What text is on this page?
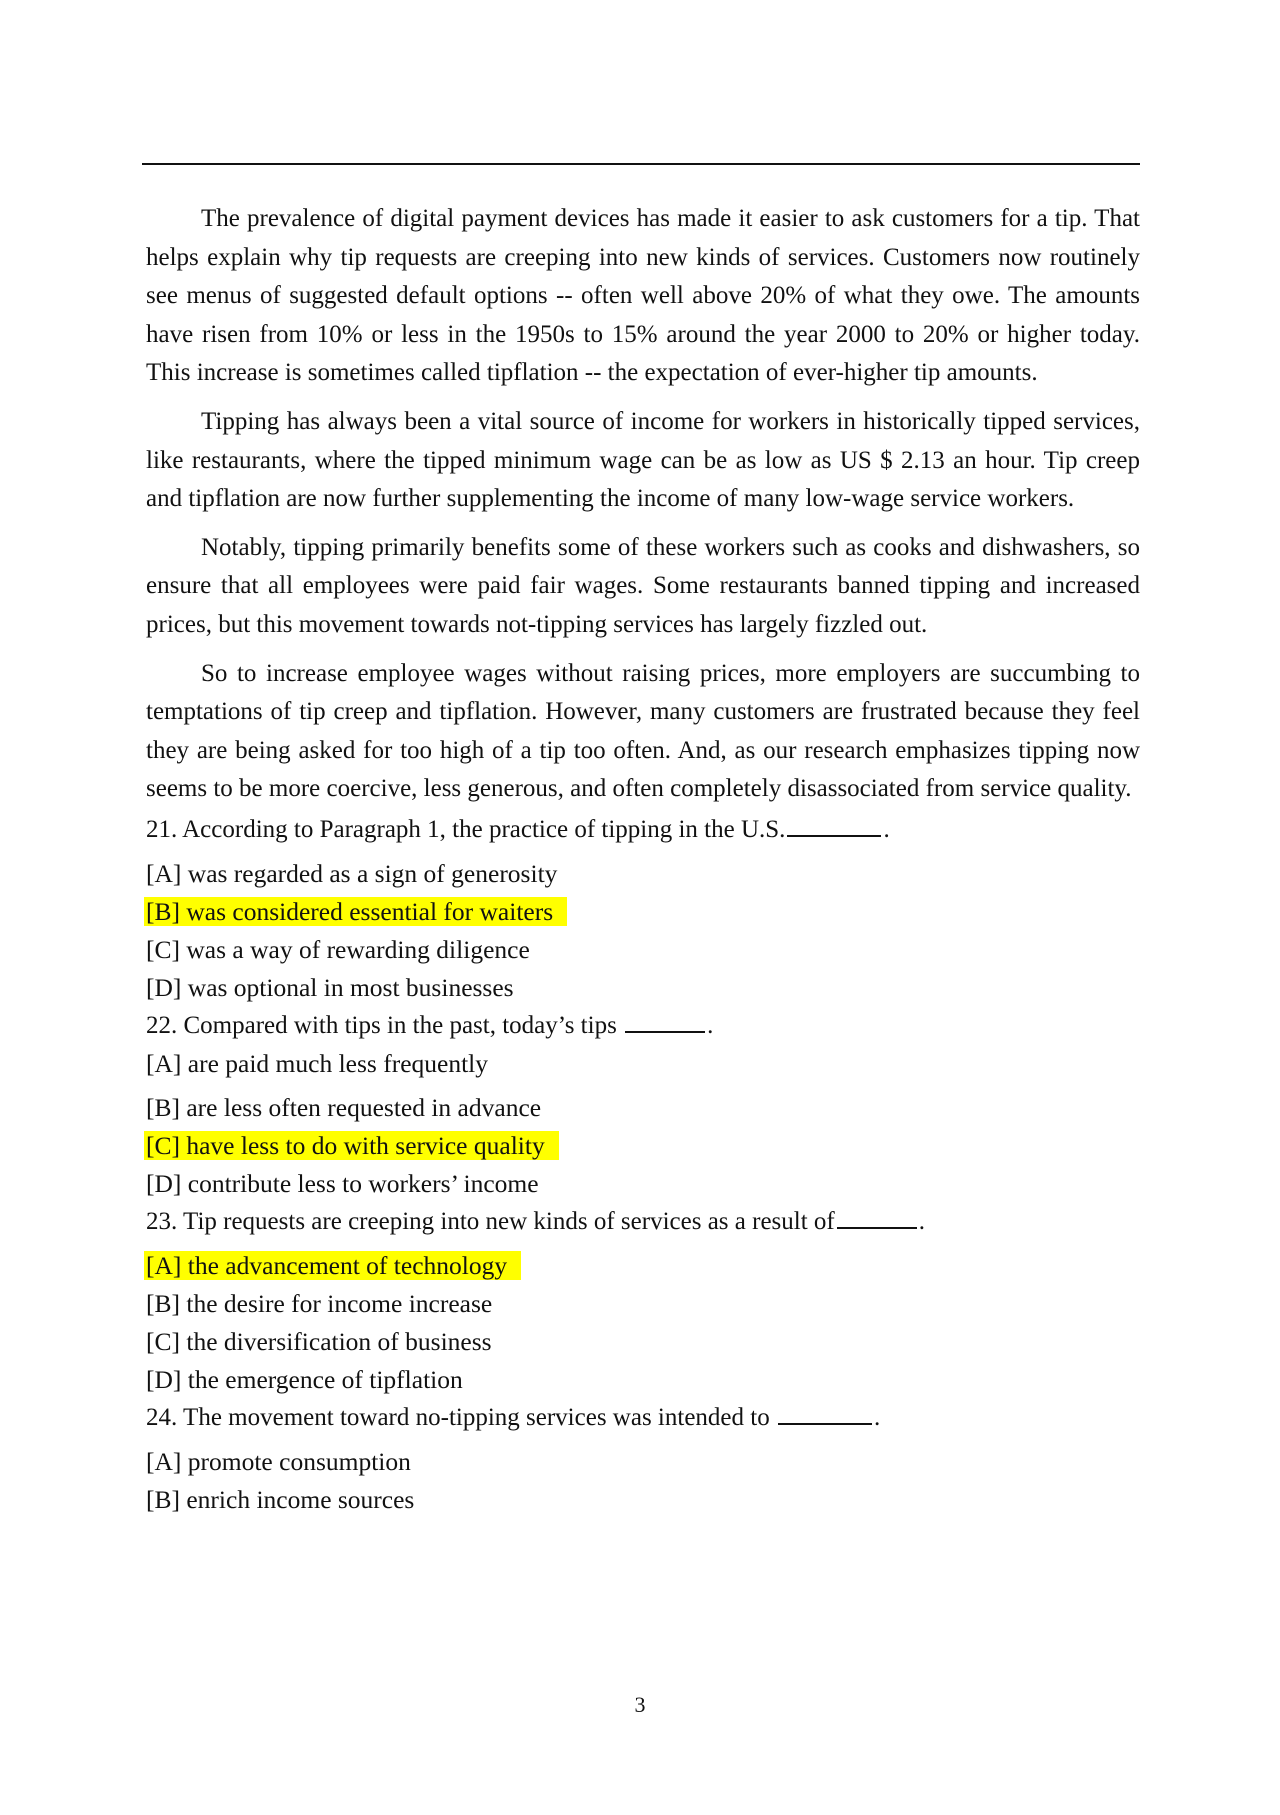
The prevalence of digital payment devices has made it easier to ask customers for a tip. That helps explain why tip requests are creeping into new kinds of services. Customers now routinely see menus of suggested default options -- often well above 20% of what they owe. The amounts have risen from 10% or less in the 1950s to 15% around the year 2000 to 20% or higher today. This increase is sometimes called tipflation -- the expectation of ever-higher tip amounts.

Tipping has always been a vital source of income for workers in historically tipped services, like restaurants, where the tipped minimum wage can be as low as US $ 2.13 an hour. Tip creep and tipflation are now further supplementing the income of many low-wage service workers.

Notably, tipping primarily benefits some of these workers such as cooks and dishwashers, so ensure that all employees were paid fair wages. Some restaurants banned tipping and increased prices, but this movement towards not-tipping services has largely fizzled out.

So to increase employee wages without raising prices, more employers are succumbing to temptations of tip creep and tipflation. However, many customers are frustrated because they feel they are being asked for too high of a tip too often. And, as our research emphasizes tipping now seems to be more coercive, less generous, and often completely disassociated from service quality.

21. According to Paragraph 1, the practice of tipping in the U.S.	.
[A] was regarded as a sign of generosity
[B] was considered essential for waiters
[C] was a way of rewarding diligence
[D] was optional in most businesses
22. Compared with tips in the past, today’s tips	.
[A] are paid much less frequently
[B] are less often requested in advance
[C] have less to do with service quality
[D] contribute less to workers’ income
23. Tip requests are creeping into new kinds of services as a result of	.
[A] the advancement of technology
[B] the desire for income increase
[C] the diversification of business
[D] the emergence of tipflation
24. The movement toward no-tipping services was intended to	.
[A] promote consumption
[B] enrich income sources
3
